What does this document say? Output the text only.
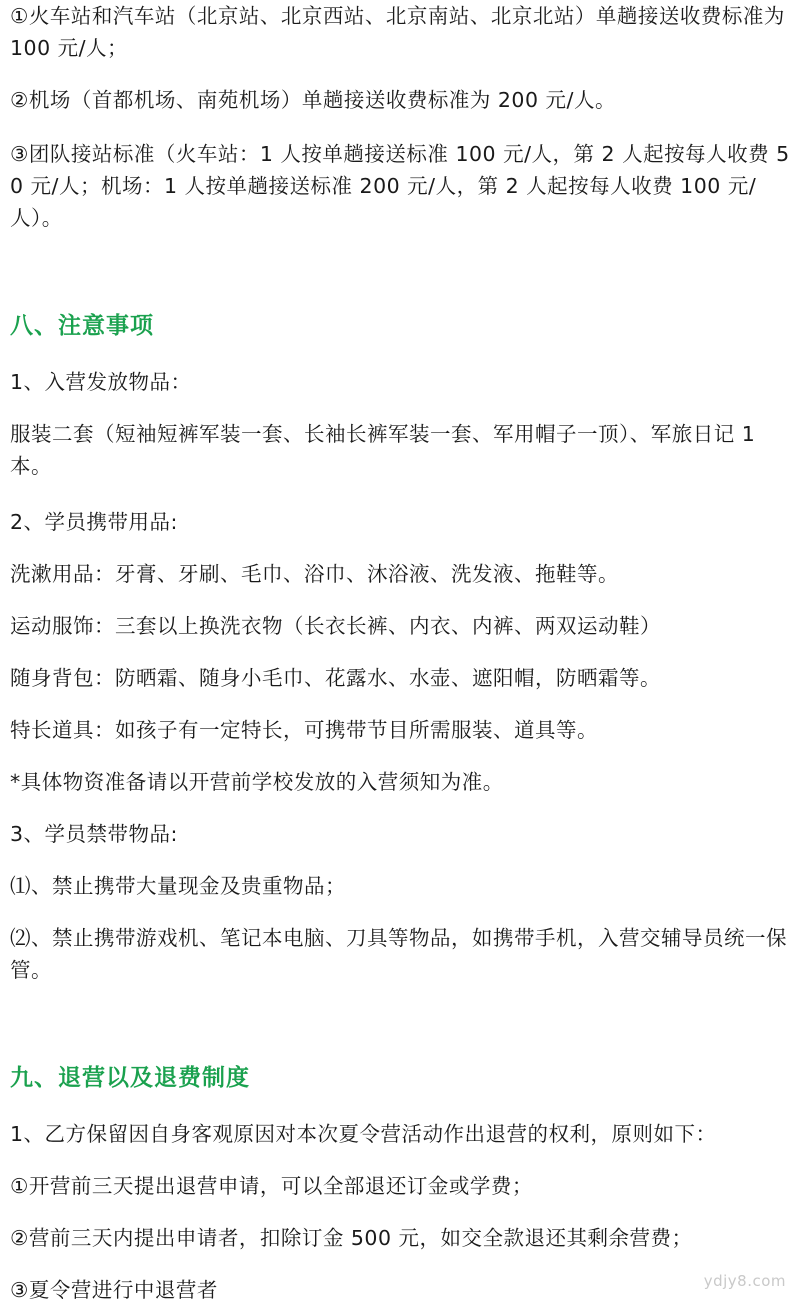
①火车站和汽车站（北京站、北京西站、北京南站、北京北站）单趟接送收费标准为 100 元/人；

②机场（首都机场、南苑机场）单趟接送收费标准为 200 元/人。

③团队接站标准（火车站：1 人按单趟接送标准 100 元/人，第 2 人起按每人收费 50 元/人；机场：1 人按单趟接送标准 200 元/人，第 2 人起按每人收费 100 元/人）。

八、注意事项

1、入营发放物品：

服装二套（短袖短裤军装一套、长袖长裤军装一套、军用帽子一顶）、军旅日记 1 本。

2、学员携带用品:

洗漱用品：牙膏、牙刷、毛巾、浴巾、沐浴液、洗发液、拖鞋等。

运动服饰：三套以上换洗衣物（长衣长裤、内衣、内裤、两双运动鞋）

随身背包：防晒霜、随身小毛巾、花露水、水壶、遮阳帽，防晒霜等。

特长道具：如孩子有一定特长，可携带节目所需服装、道具等。

*具体物资准备请以开营前学校发放的入营须知为准。

3、学员禁带物品:

⑴、禁止携带大量现金及贵重物品；

⑵、禁止携带游戏机、笔记本电脑、刀具等物品，如携带手机，入营交辅导员统一保管。

九、退营以及退费制度

1、乙方保留因自身客观原因对本次夏令营活动作出退营的权利，原则如下：

①开营前三天提出退营申请，可以全部退还订金或学费；

②营前三天内提出申请者，扣除订金 500 元，如交全款退还其剩余营费；

③夏令营进行中退营者	ydjy8.com
